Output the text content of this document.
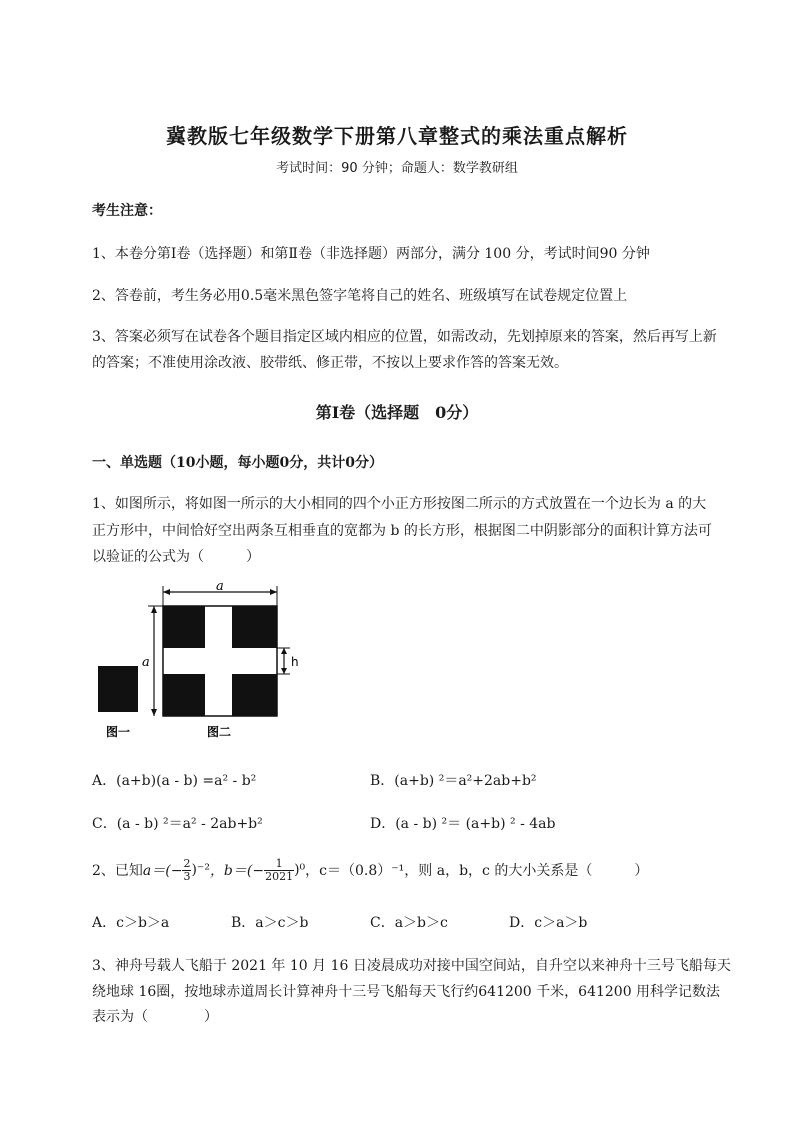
冀教版七年级数学下册第八章整式的乘法重点解析
考试时间：90 分钟；命题人：数学教研组
考生注意：
1、本卷分第Ⅰ卷（选择题）和第Ⅱ卷（非选择题）两部分，满分 100 分，考试时间90 分钟
2、答卷前，考生务必用0.5毫米黑色签字笔将自己的姓名、班级填写在试卷规定位置上
3、答案必须写在试卷各个题目指定区域内相应的位置，如需改动，先划掉原来的答案，然后再写上新
的答案；不准使用涂改液、胶带纸、修正带，不按以上要求作答的答案无效。
第Ⅰ卷（选择题　0分）
一、单选题（10小题，每小题0分，共计0分）
1、如图所示，将如图一所示的大小相同的四个小正方形按图二所示的方式放置在一个边长为 a 的大
正方形中，中间恰好空出两条互相垂直的宽都为 b 的长方形，根据图二中阴影部分的面积计算方法可
以验证的公式为（　　　）
a
a	h
图一	图二
A．(a+b)(a - b) =a² - b²	B．(a+b) ²＝a²+2ab+b²
C．(a - b) ²＝a² - 2ab+b²	D．(a - b) ²＝ (a+b) ² - 4ab
2、已知 $a=(- \frac{2}{3} )^{-2}$ ，$b=(- \frac{1}{2021} )^0$ ，c＝（0.8）⁻¹，则 a，b，c 的大小关系是（　　　）
A．c＞b＞a	B．a＞c＞b	C．a＞b＞c	D．c＞a＞b
3、神舟号载人飞船于 2021 年 10 月 16 日凌晨成功对接中国空间站，自升空以来神舟十三号飞船每天
绕地球 16圈，按地球赤道周长计算神舟十三号飞船每天飞行约641200 千米，641200 用科学记数法
表示为（　　　　）
